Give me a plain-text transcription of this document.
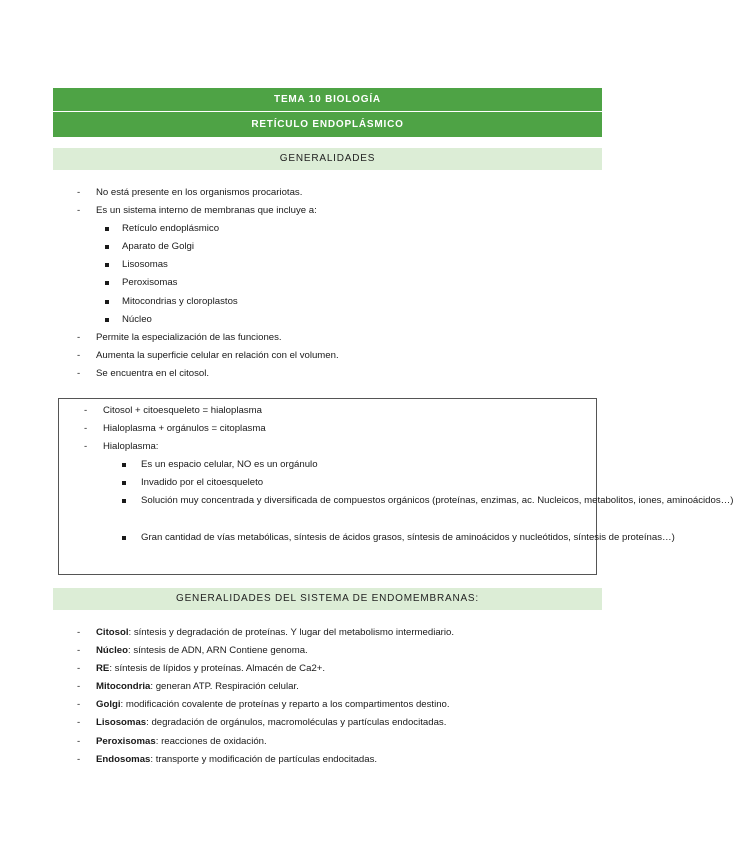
TEMA 10 BIOLOGÍA
RETÍCULO ENDOPLÁSMICO
GENERALIDADES
- No está presente en los organismos procariotas.
- Es un sistema interno de membranas que incluye a:
Retículo endoplásmico
Aparato de Golgi
Lisosomas
Peroxisomas
Mitocondrias y cloroplastos
Núcleo
- Permite la especialización de las funciones.
- Aumenta la superficie celular en relación con el volumen.
- Se encuentra en el citosol.
- Citosol + citoesqueleto = hialoplasma
- Hialoplasma + orgánulos = citoplasma
- Hialoplasma:
Es un espacio celular, NO es un orgánulo
Invadido por el citoesqueleto
Solución muy concentrada y diversificada de compuestos orgánicos (proteínas, enzimas, ac. Nucleicos, metabolitos, iones, aminoácidos…)
Gran cantidad de vías metabólicas, síntesis de ácidos grasos, síntesis de aminoácidos y nucleótidos, síntesis de proteínas…)
GENERALIDADES DEL SISTEMA DE ENDOMEMBRANAS:
- Citosol: síntesis y degradación de proteínas. Y lugar del metabolismo intermediario.
- Núcleo: síntesis de ADN, ARN Contiene genoma.
- RE: síntesis de lípidos y proteínas. Almacén de Ca2+.
- Mitocondria: generan ATP. Respiración celular.
- Golgi: modificación covalente de proteínas y reparto a los compartimentos destino.
- Lisosomas: degradación de orgánulos, macromoléculas y partículas endocitadas.
- Peroxisomas: reacciones de oxidación.
- Endosomas: transporte y modificación de partículas endocitadas.
